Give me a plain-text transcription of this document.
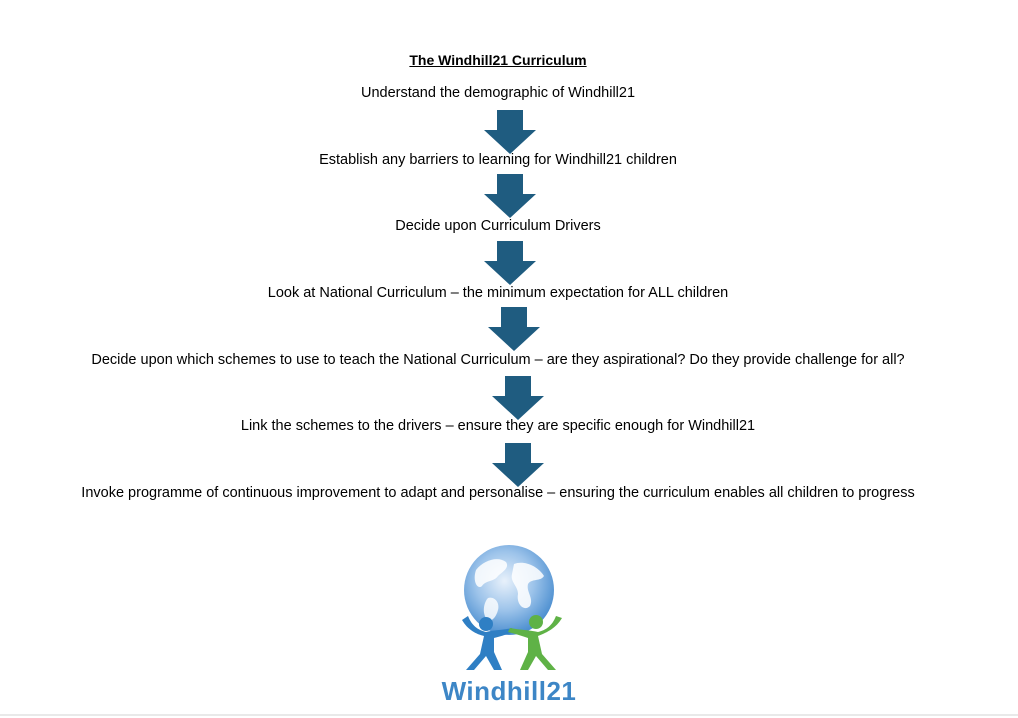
The Windhill21 Curriculum
Understand the demographic of Windhill21
Establish any barriers to learning for Windhill21 children
Decide upon Curriculum Drivers
Look at National Curriculum – the minimum expectation for ALL children
Decide upon which schemes to use to teach the National Curriculum – are they aspirational? Do they provide challenge for all?
Link the schemes to the drivers – ensure they are specific enough for Windhill21
Invoke programme of continuous improvement to adapt and personalise – ensuring the curriculum enables all children to progress
Windhill21
